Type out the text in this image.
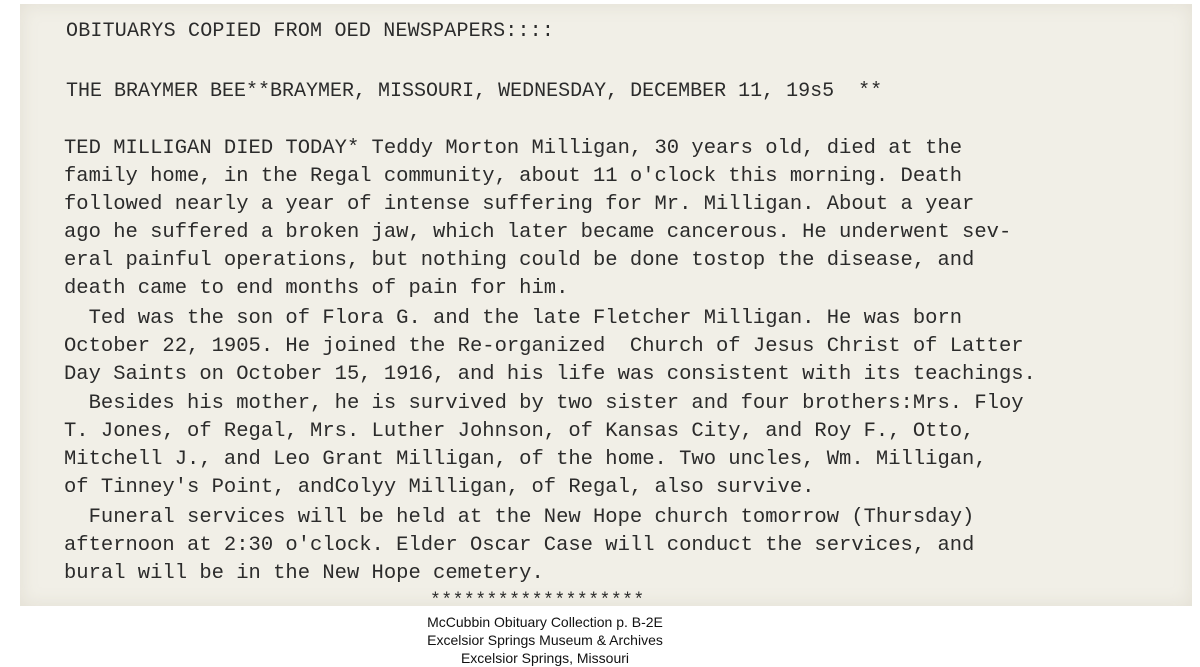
OBITUARYS COPIED FROM OED NEWSPAPERS::::

THE BRAYMER BEE**BRAYMER, MISSOURI, WEDNESDAY, DECEMBER 11, 19s5  **

TED MILLIGAN DIED TODAY* Teddy Morton Milligan, 30 years old, died at the

family home, in the Regal community, about 11 o'clock this morning. Death

followed nearly a year of intense suffering for Mr. Milligan. About a year

ago he suffered a broken jaw, which later became cancerous. He underwent sev-

eral painful operations, but nothing could be done tostop the disease, and

death came to end months of pain for him.

Ted was the son of Flora G. and the late Fletcher Milligan. He was born

October 22, 1905. He joined the Re-organized  Church of Jesus Christ of Latter

Day Saints on October 15, 1916, and his life was consistent with its teachings.

Besides his mother, he is survived by two sister and four brothers:Mrs. Floy

T. Jones, of Regal, Mrs. Luther Johnson, of Kansas City, and Roy F., Otto,

Mitchell J., and Leo Grant Milligan, of the home. Two uncles, Wm. Milligan,

of Tinney's Point, andColyy Milligan, of Regal, also survive.

Funeral services will be held at the New Hope church tomorrow (Thursday)

afternoon at 2:30 o'clock. Elder Oscar Case will conduct the services, and

bural will be in the New Hope cemetery.

*******************

McCubbin Obituary Collection p. B-2E
Excelsior Springs Museum & Archives
Excelsior Springs, Missouri
